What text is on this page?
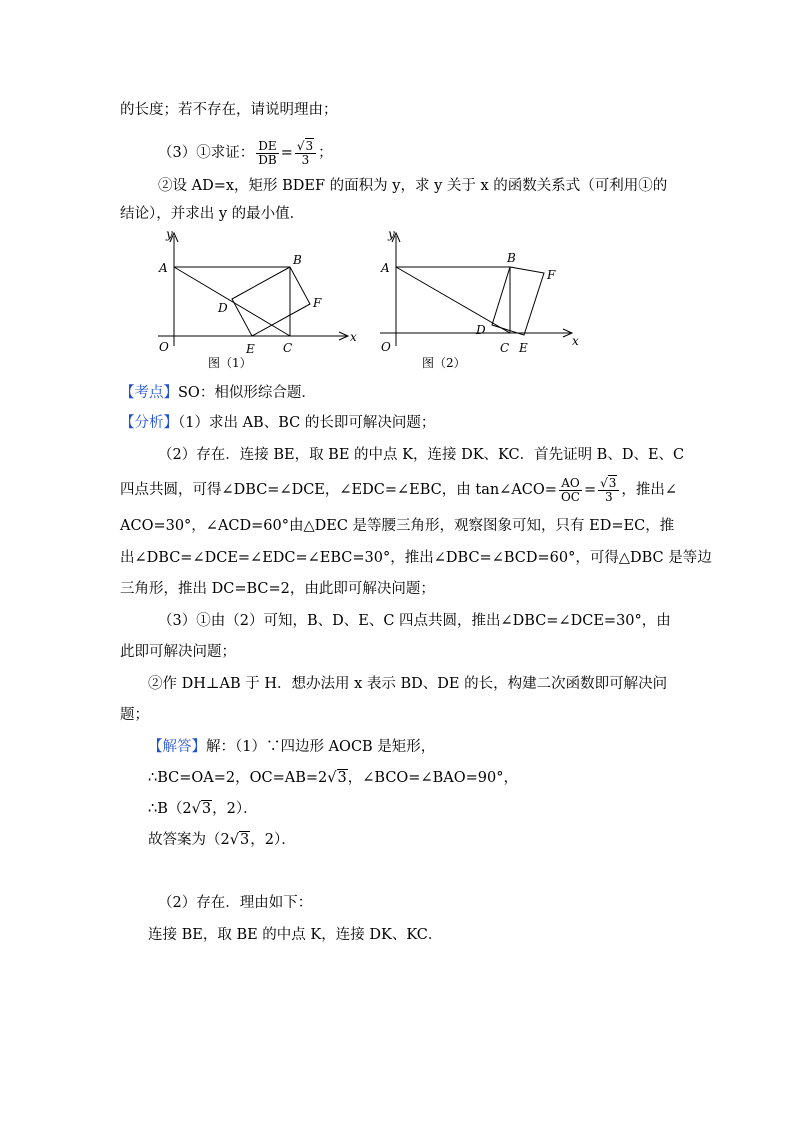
的长度；若不存在，请说明理由；
（3）①求证： $\frac{DE}{DB} = \frac{√3}{3}$ ；
②设 AD=x，矩形 BDEF 的面积为 y，求 y 关于 x 的函数关系式（可利用①的
结论），并求出 y 的最小值．
y
x
O
A
B
C
D
E
F
图（1）
y
x
O
A
B
C
D
E
F
图（2）
【考点】SO：相似形综合题．
【分析】（1）求出 AB、BC 的长即可解决问题；
（2）存在．连接 BE，取 BE 的中点 K，连接 DK、KC．首先证明 B、D、E、C
四点共圆，可得∠DBC=∠DCE，∠EDC=∠EBC，由 tan∠ACO= $\frac{AO}{OC} = \frac{√3}{3}$ ，推出∠
ACO=30°，∠ACD=60°由△DEC 是等腰三角形，观察图象可知，只有 ED=EC，推
出∠DBC=∠DCE=∠EDC=∠EBC=30°，推出∠DBC=∠BCD=60°，可得△DBC 是等边
三角形，推出 DC=BC=2，由此即可解决问题；
（3）①由（2）可知，B、D、E、C 四点共圆，推出∠DBC=∠DCE=30°，由
此即可解决问题；
②作 DH⊥AB 于 H．想办法用 x 表示 BD、DE 的长，构建二次函数即可解决问
题；
【解答】解：（1）∵四边形 AOCB 是矩形，
∴BC=OA=2，OC=AB=2√3，∠BCO=∠BAO=90°，
∴B（2√3，2）．
故答案为（2√3，2）．
（2）存在．理由如下：
连接 BE，取 BE 的中点 K，连接 DK、KC．
